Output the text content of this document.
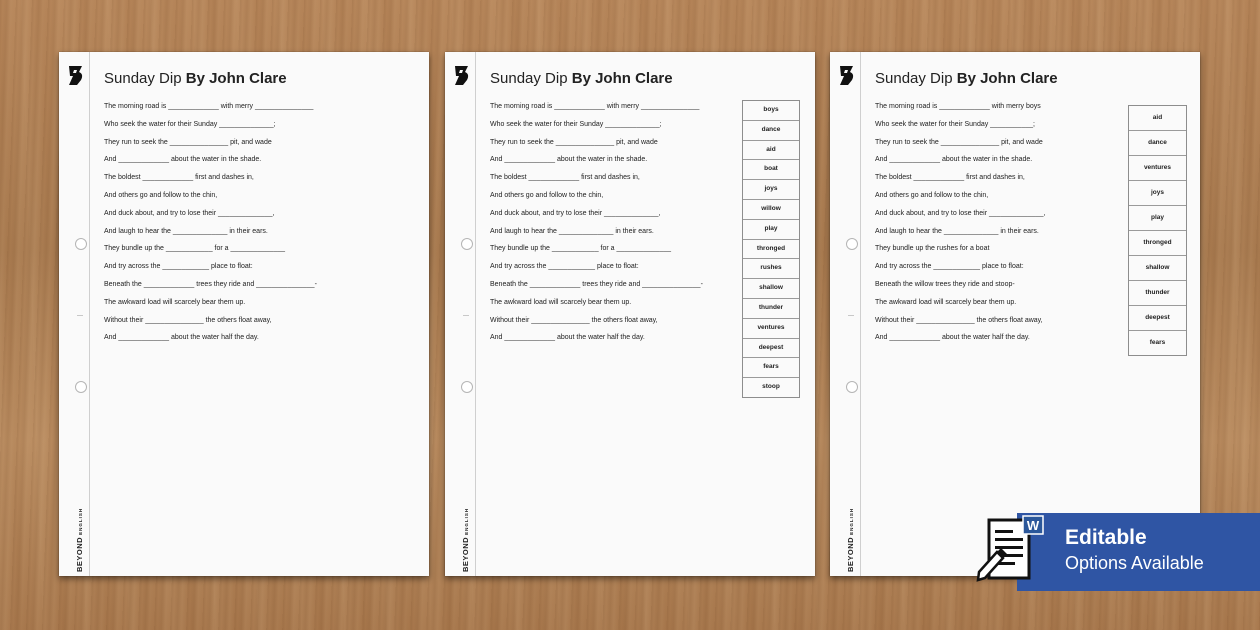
BEYONDENGLISH
Sunday Dip By John Clare
The morning road is _____________ with merry _______________
Who seek the water for their Sunday ______________;
They run to seek the _______________ pit, and wade
And _____________ about the water in the shade.
The boldest _____________ first and dashes in,
And others go and follow to the chin,
And duck about, and try to lose their ______________,
And laugh to hear the ______________ in their ears.
They bundle up the ____________ for a ______________
And try across the ____________ place to float:
Beneath the _____________ trees they ride and _______________-
The awkward load will scarcely bear them up.
Without their _______________ the others float away,
And _____________ about the water half the day.
BEYONDENGLISH
Sunday Dip By John Clare
The morning road is _____________ with merry _______________
Who seek the water for their Sunday ______________;
They run to seek the _______________ pit, and wade
And _____________ about the water in the shade.
The boldest _____________ first and dashes in,
And others go and follow to the chin,
And duck about, and try to lose their ______________,
And laugh to hear the ______________ in their ears.
They bundle up the ____________ for a ______________
And try across the ____________ place to float:
Beneath the _____________ trees they ride and _______________-
The awkward load will scarcely bear them up.
Without their _______________ the others float away,
And _____________ about the water half the day.
boys
dance
aid
boat
joys
willow
play
thronged
rushes
shallow
thunder
ventures
deepest
fears
stoop
BEYONDENGLISH
Sunday Dip By John Clare
The morning road is _____________ with merry boys
Who seek the water for their Sunday ___________;
They run to seek the _______________ pit, and wade
And _____________ about the water in the shade.
The boldest _____________ first and dashes in,
And others go and follow to the chin,
And duck about, and try to lose their ______________,
And laugh to hear the ______________ in their ears.
They bundle up the rushes for a boat
And try across the ____________ place to float:
Beneath the willow trees they ride and stoop-
The awkward load will scarcely bear them up.
Without their _______________ the others float away,
And _____________ about the water half the day.
aid
dance
ventures
joys
play
thronged
shallow
thunder
deepest
fears
Editable
Options Available
W
